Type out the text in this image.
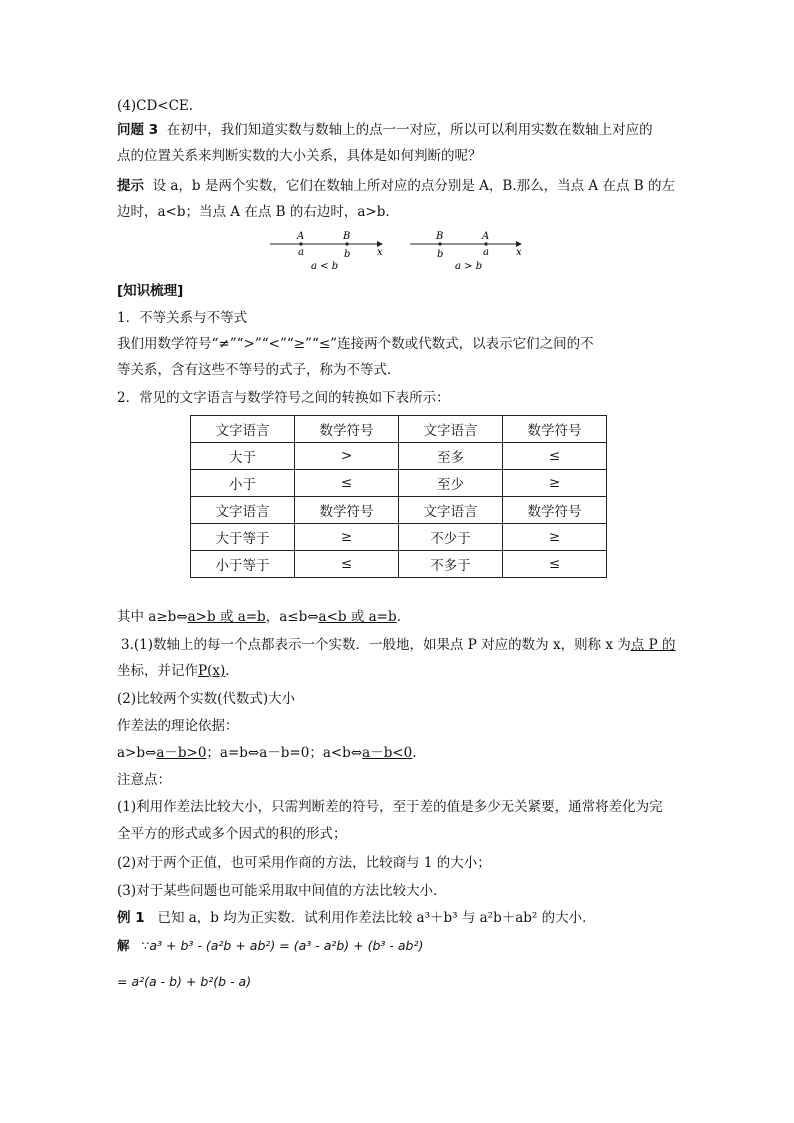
(4)CD<CE.
问题 3 在初中，我们知道实数与数轴上的点一一对应，所以可以利用实数在数轴上对应的
点的位置关系来判断实数的大小关系，具体是如何判断的呢？
提示 设 a，b 是两个实数，它们在数轴上所对应的点分别是 A，B.那么，当点 A 在点 B 的左
边时，a<b；当点 A 在点 B 的右边时，a>b.
A
a
B
b	x
a < b
B
b
A
a	x
a > b
[知识梳理]
1．不等关系与不等式
我们用数学符号“≠”“>”“<”“≥”“≤”连接两个数或代数式，以表示它们之间的不
等关系，含有这些不等号的式子，称为不等式．
2．常见的文字语言与数学符号之间的转换如下表所示：
文字语言	数学符号	文字语言	数学符号
大于	>	至多	≤
小于	≤	至少	≥
文字语言	数学符号	文字语言	数学符号
大于等于	≥	不少于	≥
小于等于	≤	不多于	≤
其中 a≥b⇔a>b 或 a=b，a≤b⇔a<b 或 a=b.
3.(1)数轴上的每一个点都表示一个实数．一般地，如果点 P 对应的数为 x，则称 x 为点 P 的
坐标，并记作P(x).
(2)比较两个实数(代数式)大小
作差法的理论依据：
a>b⇔a－b>0；a=b⇔a－b=0；a<b⇔a－b<0.
注意点：
(1)利用作差法比较大小，只需判断差的符号，至于差的值是多少无关紧要，通常将差化为完
全平方的形式或多个因式的积的形式；
(2)对于两个正值，也可采用作商的方法，比较商与 1 的大小；
(3)对于某些问题也可能采用取中间值的方法比较大小．
例 1 已知 a，b 均为正实数．试利用作差法比较 a³＋b³ 与 a²b＋ab² 的大小．
解 ∵a³ + b³ - (a²b + ab²) = (a³ - a²b) + (b³ - ab²)
= a²(a - b) + b²(b - a)
